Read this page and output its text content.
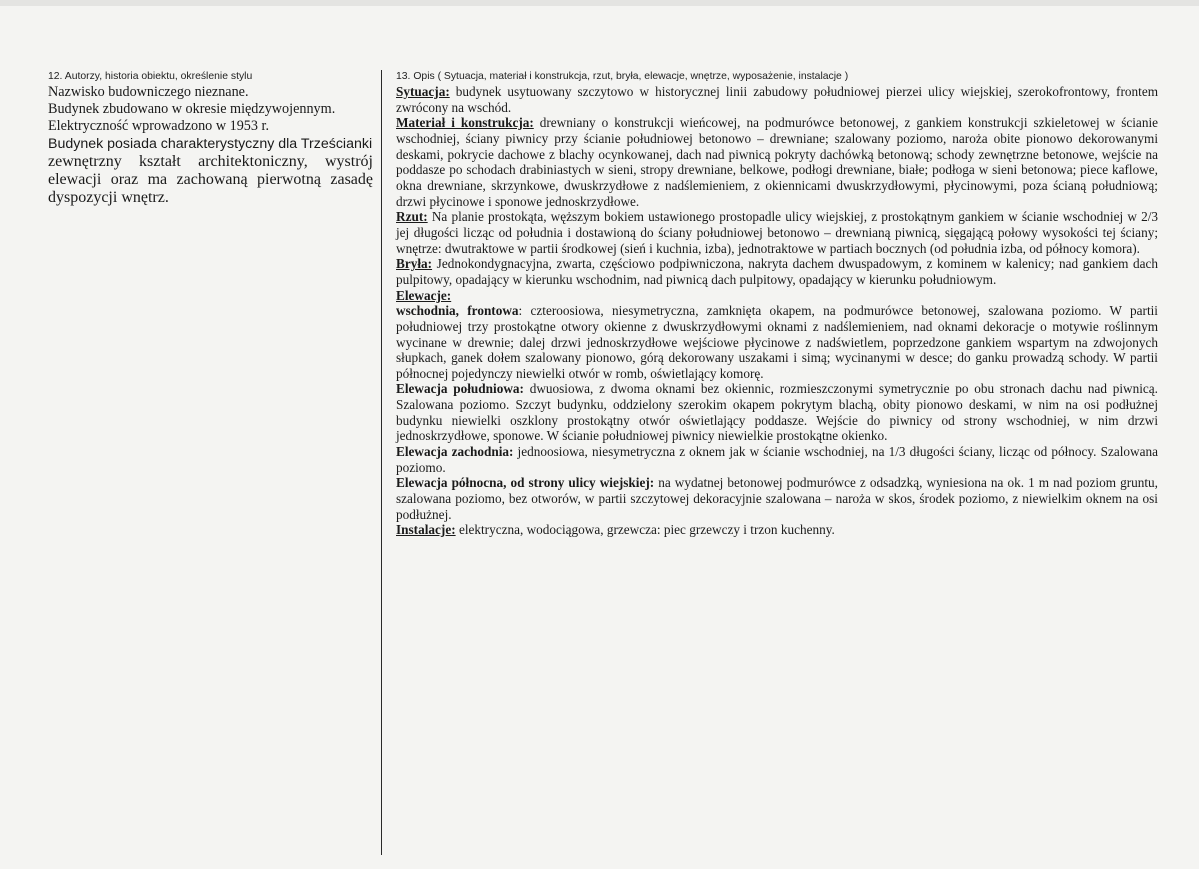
12. Autorzy, historia obiektu, określenie stylu

Nazwisko budowniczego nieznane.

Budynek zbudowano w okresie międzywojennym.

Elektryczność wprowadzono w 1953 r.

Budynek posiada charakterystyczny dla Trześcianki

zewnętrzny kształt architektoniczny, wystrój elewacji oraz ma zachowaną pierwotną zasadę dyspozycji wnętrz.

13. Opis ( Sytuacja, materiał i konstrukcja, rzut, bryła, elewacje, wnętrze, wyposażenie, instalacje )

Sytuacja: budynek usytuowany szczytowo w historycznej linii zabudowy południowej pierzei ulicy wiejskiej, szerokofrontowy, frontem zwrócony na wschód.

Materiał i konstrukcja: drewniany o konstrukcji wieńcowej, na podmurówce betonowej, z gankiem konstrukcji szkieletowej w ścianie wschodniej, ściany piwnicy przy ścianie południowej betonowo – drewniane; szalowany poziomo, naroża obite pionowo dekorowanymi deskami, pokrycie dachowe z blachy ocynkowanej, dach nad piwnicą pokryty dachówką betonową; schody zewnętrzne betonowe, wejście na poddasze po schodach drabiniastych w sieni, stropy drewniane, belkowe, podłogi drewniane, białe; podłoga w sieni betonowa; piece kaflowe, okna drewniane, skrzynkowe, dwuskrzydłowe z nadślemieniem, z okiennicami dwuskrzydłowymi, płycinowymi, poza ścianą południową; drzwi płycinowe i sponowe jednoskrzydłowe.

Rzut: Na planie prostokąta, węższym bokiem ustawionego prostopadle ulicy wiejskiej, z prostokątnym gankiem w ścianie wschodniej w 2/3 jej długości licząc od południa i dostawioną do ściany południowej betonowo – drewnianą piwnicą, sięgającą połowy wysokości tej ściany; wnętrze: dwutraktowe w partii środkowej (sień i kuchnia, izba), jednotraktowe w partiach bocznych (od południa izba, od północy komora).

Bryła: Jednokondygnacyjna, zwarta, częściowo podpiwniczona, nakryta dachem dwuspadowym, z kominem w kalenicy; nad gankiem dach pulpitowy, opadający w kierunku wschodnim, nad piwnicą dach pulpitowy, opadający w kierunku południowym.

Elewacje:

wschodnia, frontowa: czteroosiowa, niesymetryczna, zamknięta okapem, na podmurówce betonowej, szalowana poziomo. W partii południowej trzy prostokątne otwory okienne z dwuskrzydłowymi oknami z nadślemieniem, nad oknami dekoracje o motywie roślinnym wycinane w drewnie; dalej drzwi jednoskrzydłowe wejściowe płycinowe z nadświetlem, poprzedzone gankiem wspartym na zdwojonych słupkach, ganek dołem szalowany pionowo, górą dekorowany uszakami i simą; wycinanymi w desce; do ganku prowadzą schody. W partii północnej pojedynczy niewielki otwór w romb, oświetlający komorę.

Elewacja południowa: dwuosiowa, z dwoma oknami bez okiennic, rozmieszczonymi symetrycznie po obu stronach dachu nad piwnicą. Szalowana poziomo. Szczyt budynku, oddzielony szerokim okapem pokrytym blachą, obity pionowo deskami, w nim na osi podłużnej budynku niewielki oszklony prostokątny otwór oświetlający poddasze. Wejście do piwnicy od strony wschodniej, w nim drzwi jednoskrzydłowe, sponowe. W ścianie południowej piwnicy niewielkie prostokątne okienko.

Elewacja zachodnia: jednoosiowa, niesymetryczna z oknem jak w ścianie wschodniej, na 1/3 długości ściany, licząc od północy. Szalowana poziomo.

Elewacja północna, od strony ulicy wiejskiej: na wydatnej betonowej podmurówce z odsadzką, wyniesiona na ok. 1 m nad poziom gruntu, szalowana poziomo, bez otworów, w partii szczytowej dekoracyjnie szalowana – naroża w skos, środek poziomo, z niewielkim oknem na osi podłużnej.

Instalacje: elektryczna, wodociągowa, grzewcza: piec grzewczy i trzon kuchenny.
